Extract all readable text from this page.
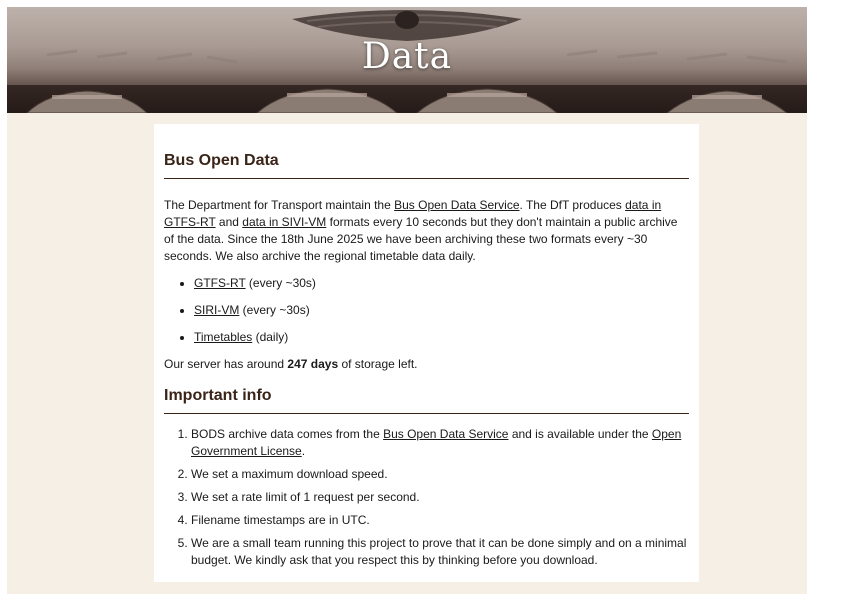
Data
Bus Open Data

The Department for Transport maintain the Bus Open Data Service. The DfT produces data in GTFS-RT and data in SIVI-VM formats every 10 seconds but they don't maintain a public archive of the data. Since the 18th June 2025 we have been archiving these two formats every ~30 seconds. We also archive the regional timetable data daily.

• GTFS-RT (every ~30s)
• SIRI-VM (every ~30s)
• Timetables (daily)

Our server has around 247 days of storage left.

Important info
1. BODS archive data comes from the Bus Open Data Service and is available under the Open Government License.
2. We set a maximum download speed.
3. We set a rate limit of 1 request per second.
4. Filename timestamps are in UTC.
5. We are a small team running this project to prove that it can be done simply and on a minimal budget. We kindly ask that you respect this by thinking before you download.
